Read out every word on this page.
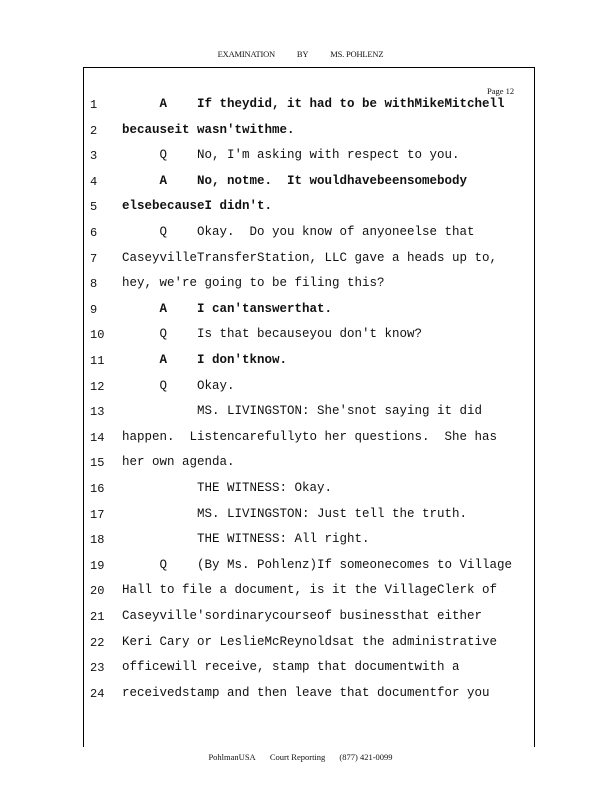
EXAMINATION	BY	MS. POHLENZ
Page 12
1	A    If theydid, it had to be withMikeMitchell
2	becauseit wasn'twithme.
3	Q    No, I'm asking with respect to you.
4	A    No, notme.  It wouldhavebeensomebody
5	elsebecauseI didn't.
6	Q    Okay.  Do you know of anyoneelse that
7	CaseyvilleTransferStation, LLC gave a heads up to,
8	hey, we're going to be filing this?
9	A    I can'tanswerthat.
10	Q    Is that becauseyou don't know?
11	A    I don'tknow.
12	Q    Okay.
13	MS. LIVINGSTON: She'snot saying it did
14	happen.  Listencarefullyto her questions.  She has
15	her own agenda.
16	THE WITNESS: Okay.
17	MS. LIVINGSTON: Just tell the truth.
18	THE WITNESS: All right.
19	Q    (By Ms. Pohlenz)If someonecomes to Village
20	Hall to file a document, is it the VillageClerk of
21	Caseyville'sordinarycourseof businessthat either
22	Keri Cary or LeslieMcReynoldsat the administrative
23	officewill receive, stamp that documentwith a
24	receivedstamp and then leave that documentfor you
PohlmanUSA Court Reporting (877) 421-0099
